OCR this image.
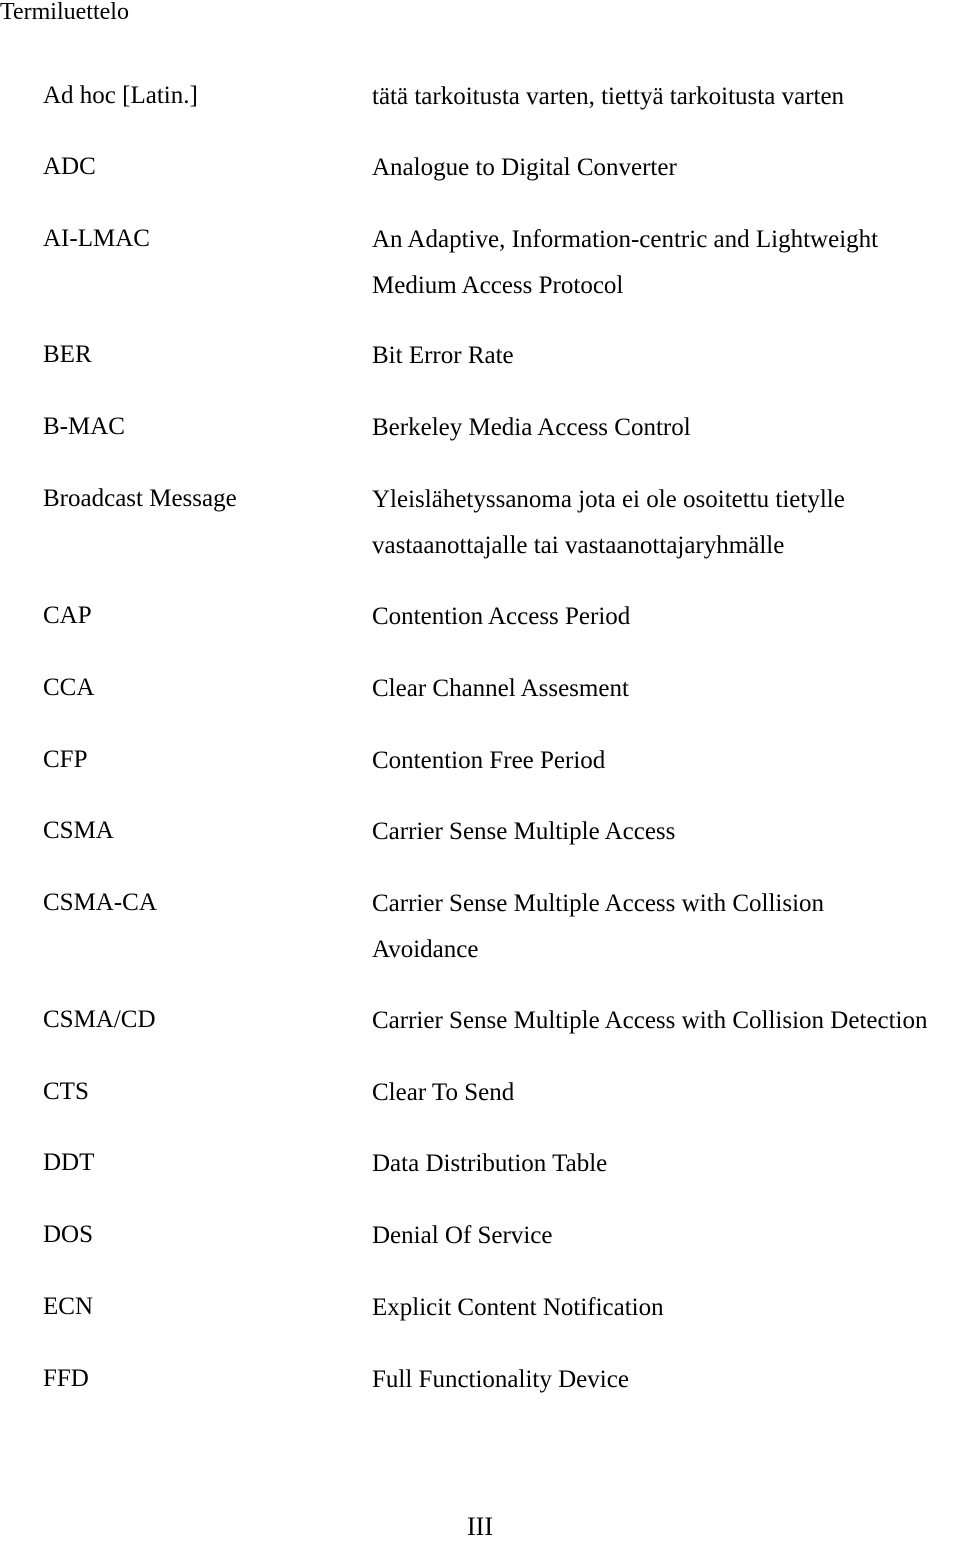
Termiluettelo
Ad hoc [Latin.]	tätä tarkoitusta varten, tiettyä tarkoitusta varten
ADC	Analogue to Digital Converter
AI-LMAC	An Adaptive, Information-centric and Lightweight
Medium Access Protocol
BER	Bit Error Rate
B-MAC	Berkeley Media Access Control
Broadcast Message	Yleislähetyssanoma jota ei ole osoitettu tietylle
vastaanottajalle tai vastaanottajaryhmälle
CAP	Contention Access Period
CCA	Clear Channel Assesment
CFP	Contention Free Period
CSMA	Carrier Sense Multiple Access
CSMA-CA	Carrier Sense Multiple Access with Collision
Avoidance
CSMA/CD	Carrier Sense Multiple Access with Collision Detection
CTS	Clear To Send
DDT	Data Distribution Table
DOS	Denial Of Service
ECN	Explicit Content Notification
FFD	Full Functionality Device
III
